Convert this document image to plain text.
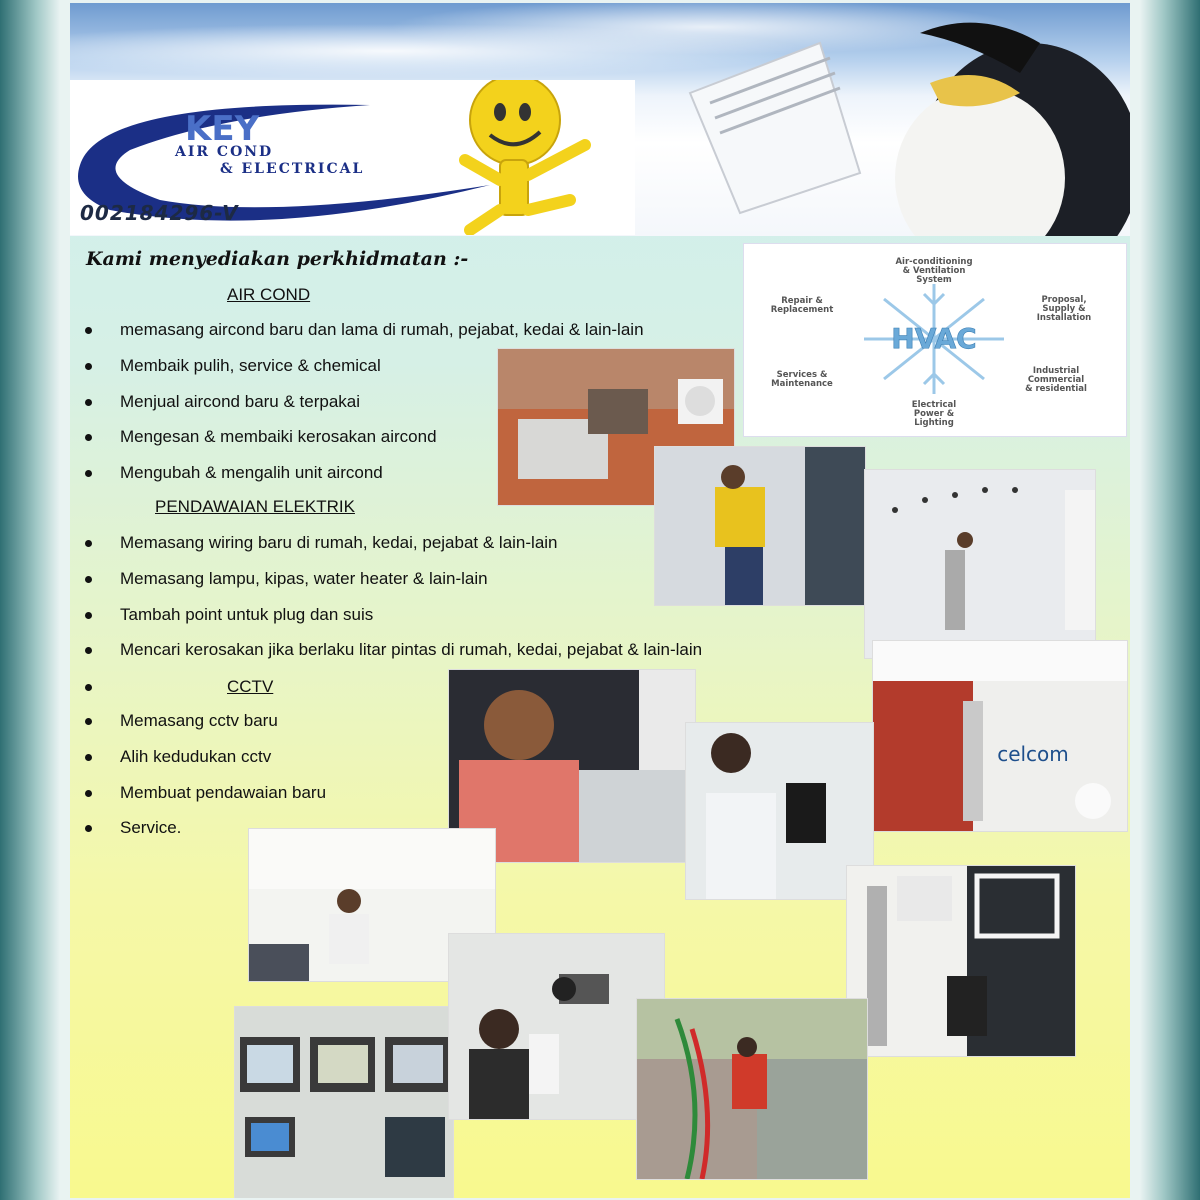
KEY
AIR COND
& ELECTRICAL

002184296-V

Kami menyediakan perkhidmatan :-

AIR COND

memasang aircond baru dan lama di rumah, pejabat, kedai & lain-lain
Membaik pulih, service & chemical
Menjual aircond baru & terpakai
Mengesan & membaiki kerosakan aircond
Mengubah & mengalih unit aircond

PENDAWAIAN ELEKTRIK

Memasang wiring baru di rumah, kedai, pejabat & lain-lain
Memasang lampu, kipas, water heater & lain-lain
Tambah point untuk plug dan suis
Mencari kerosakan jika berlaku litar pintas di rumah, kedai, pejabat & lain-lain

CCTV

Memasang cctv baru
Alih kedudukan cctv
Membuat pendawaian baru
Service.
HVAC
Air-conditioning
& Ventilation
System
Repair &
Replacement
Proposal,
Supply &
Installation
Services &
Maintenance
Industrial
Commercial
& residential
Electrical
Power &
Lighting
celcom
